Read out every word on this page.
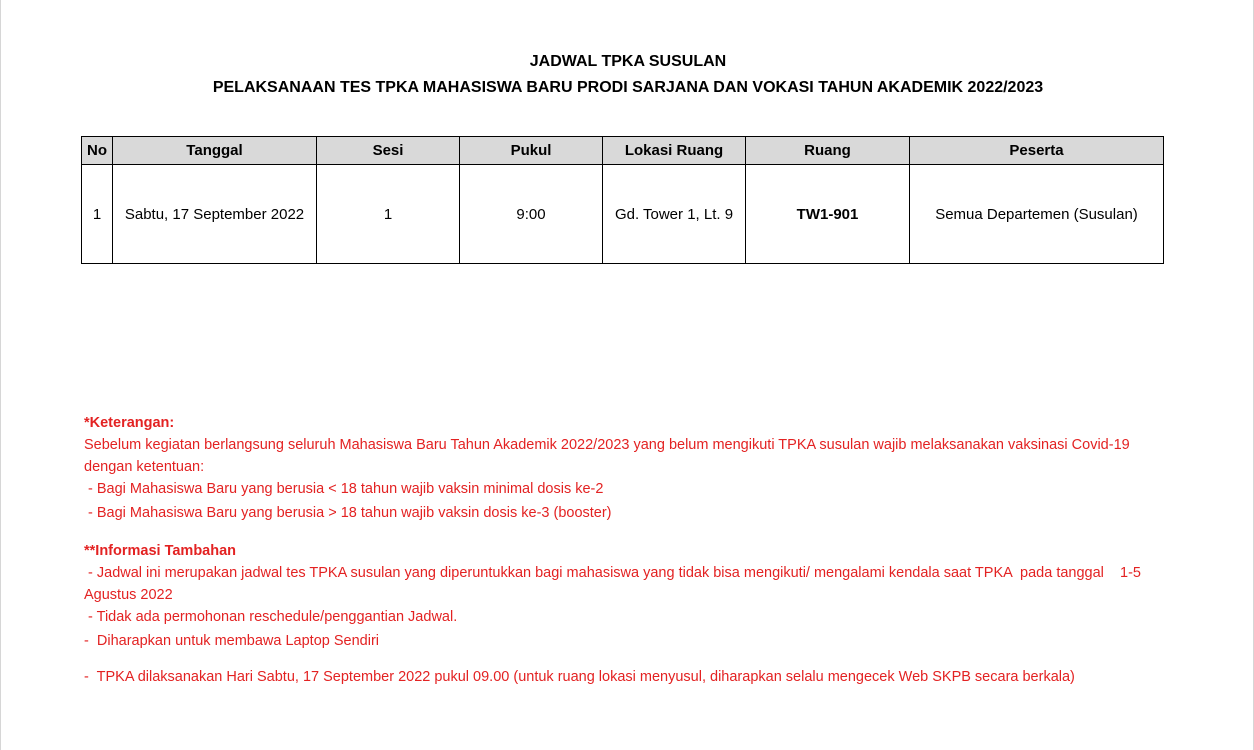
JADWAL TPKA SUSULAN
PELAKSANAAN TES TPKA MAHASISWA BARU PRODI SARJANA DAN VOKASI TAHUN AKADEMIK 2022/2023
No	Tanggal	Sesi	Pukul	Lokasi Ruang	Ruang	Peserta
1	Sabtu, 17 September 2022	1	9:00	Gd. Tower 1, Lt. 9	TW1-901	Semua Departemen (Susulan)

*Keterangan:

Sebelum kegiatan berlangsung seluruh Mahasiswa Baru Tahun Akademik 2022/2023 yang belum mengikuti TPKA susulan wajib melaksanakan vaksinasi Covid-19 dengan ketentuan:

- Bagi Mahasiswa Baru yang berusia < 18 tahun wajib vaksin minimal dosis ke-2

- Bagi Mahasiswa Baru yang berusia > 18 tahun wajib vaksin dosis ke-3 (booster)

**Informasi Tambahan

- Jadwal ini merupakan jadwal tes TPKA susulan yang diperuntukkan bagi mahasiswa yang tidak bisa mengikuti/ mengalami kendala saat TPKA  pada tanggal    1-5 Agustus 2022

- Tidak ada permohonan reschedule/penggantian Jadwal.

-  Diharapkan untuk membawa Laptop Sendiri

-  TPKA dilaksanakan Hari Sabtu, 17 September 2022 pukul 09.00 (untuk ruang lokasi menyusul, diharapkan selalu mengecek Web SKPB secara berkala)
